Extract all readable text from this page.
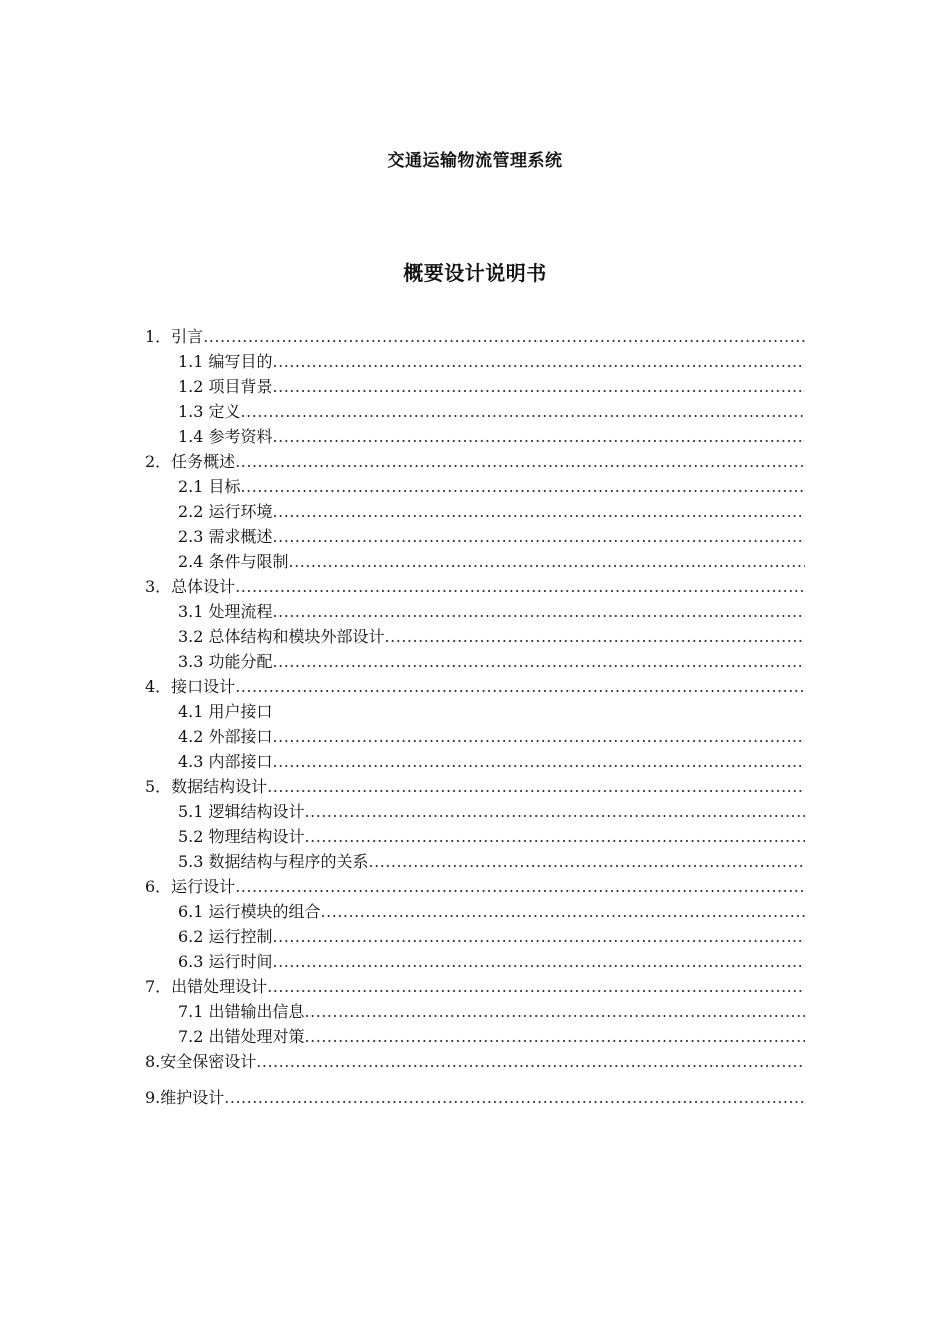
交通运输物流管理系统
概要设计说明书
1．引言
.....
1.1 编写目的
.....
1.2 项目背景
.....
1.3 定义
.....
1.4 参考资料
.....
2．任务概述
.....
2.1 目标
.....
2.2 运行环境
.....
2.3 需求概述
.....
2.4 条件与限制
.....
3．总体设计
.....
3.1 处理流程
.....
3.2 总体结构和模块外部设计
.....
3.3 功能分配
.....
4．接口设计
.....
4.1 用户接口
4.2 外部接口
.....
4.3 内部接口
.....
5．数据结构设计
.....
5.1 逻辑结构设计
.....
5.2 物理结构设计
.....
5.3 数据结构与程序的关系
.....
6．运行设计
.....
6.1 运行模块的组合
.....
6.2 运行控制
.....
6.3 运行时间
.....
7．出错处理设计
.....
7.1 出错输出信息
.....
7.2 出错处理对策
.....
8.安全保密设计
.....
9.维护设计
.....
